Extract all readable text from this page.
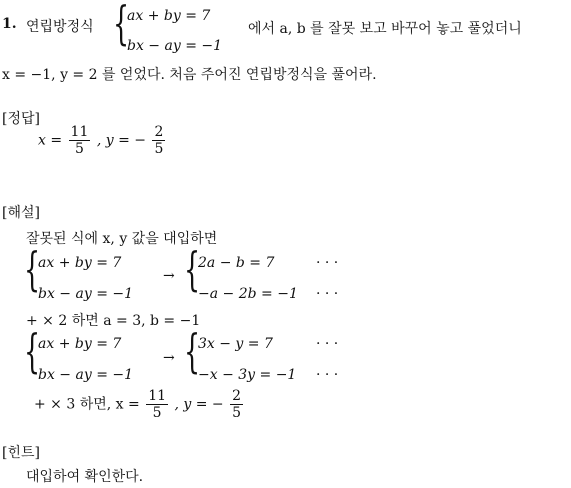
1. 연립방정식 {
ax + by = 7
bx − ay = −1
에서 a, b 를 잘못 보고 바꾸어 놓고 풀었더니
x = −1, y = 2 를 얻었다. 처음 주어진 연립방정식을 풀어라.
[정답]
$x = \frac{11}{5}$ , y = − $\frac{2}{5}$
[해설]
잘못된 식에 x, y 값을 대입하면
{
ax + by = 7
bx − ay = −1
→ {
2a − b = 7
−a − 2b = −1
· · ·
· · ·
+ × 2 하면 a = 3, b = −1
{
ax + by = 7
bx − ay = −1
→ {
3x − y = 7
−x − 3y = −1
· · ·
· · ·
+ × 3 하면, $x = \frac{11}{5}$ , y = − $\frac{2}{5}$
[힌트]
대입하여 확인한다.
